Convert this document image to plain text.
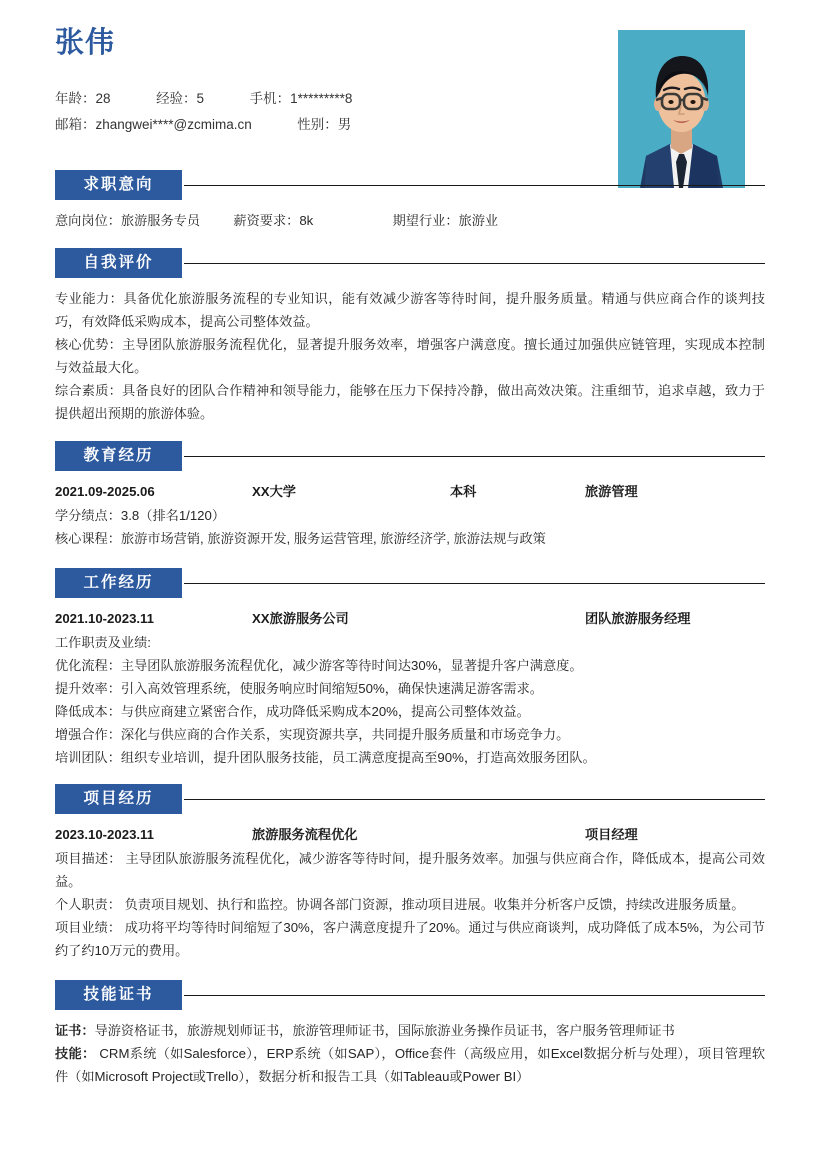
张伟
年龄：28	经验：5	手机：1*********8
邮箱：zhangwei****@zcmima.cn	性别：男
求职意向
意向岗位：旅游服务专员	薪资要求：8k	期望行业：旅游业
自我评价

专业能力：具备优化旅游服务流程的专业知识，能有效减少游客等待时间，提升服务质量。精通与供应商合作的谈判技巧，有效降低采购成本，提高公司整体效益。

核心优势：主导团队旅游服务流程优化，显著提升服务效率，增强客户满意度。擅长通过加强供应链管理，实现成本控制与效益最大化。

综合素质：具备良好的团队合作精神和领导能力，能够在压力下保持冷静，做出高效决策。注重细节，追求卓越，致力于提供超出预期的旅游体验。

教育经历
2021.09-2025.06	XX大学	本科	旅游管理

学分绩点：3.8（排名1/120）

核心课程：旅游市场营销, 旅游资源开发, 服务运营管理, 旅游经济学, 旅游法规与政策

工作经历
2021.10-2023.11	XX旅游服务公司	团队旅游服务经理

工作职责及业绩:

优化流程：主导团队旅游服务流程优化，减少游客等待时间达30%，显著提升客户满意度。

提升效率：引入高效管理系统，使服务响应时间缩短50%，确保快速满足游客需求。

降低成本：与供应商建立紧密合作，成功降低采购成本20%，提高公司整体效益。

增强合作：深化与供应商的合作关系，实现资源共享，共同提升服务质量和市场竞争力。

培训团队：组织专业培训，提升团队服务技能，员工满意度提高至90%，打造高效服务团队。

项目经历
2023.10-2023.11	旅游服务流程优化	项目经理

项目描述： 主导团队旅游服务流程优化，减少游客等待时间，提升服务效率。加强与供应商合作，降低成本，提高公司效益。

个人职责： 负责项目规划、执行和监控。协调各部门资源，推动项目进展。收集并分析客户反馈，持续改进服务质量。

项目业绩： 成功将平均等待时间缩短了30%，客户满意度提升了20%。通过与供应商谈判，成功降低了成本5%，为公司节约了约10万元的费用。

技能证书

证书：导游资格证书，旅游规划师证书，旅游管理师证书，国际旅游业务操作员证书，客户服务管理师证书

技能： CRM系统（如Salesforce），ERP系统（如SAP），Office套件（高级应用，如Excel数据分析与处理），项目管理软件（如Microsoft Project或Trello），数据分析和报告工具（如Tableau或Power BI）
